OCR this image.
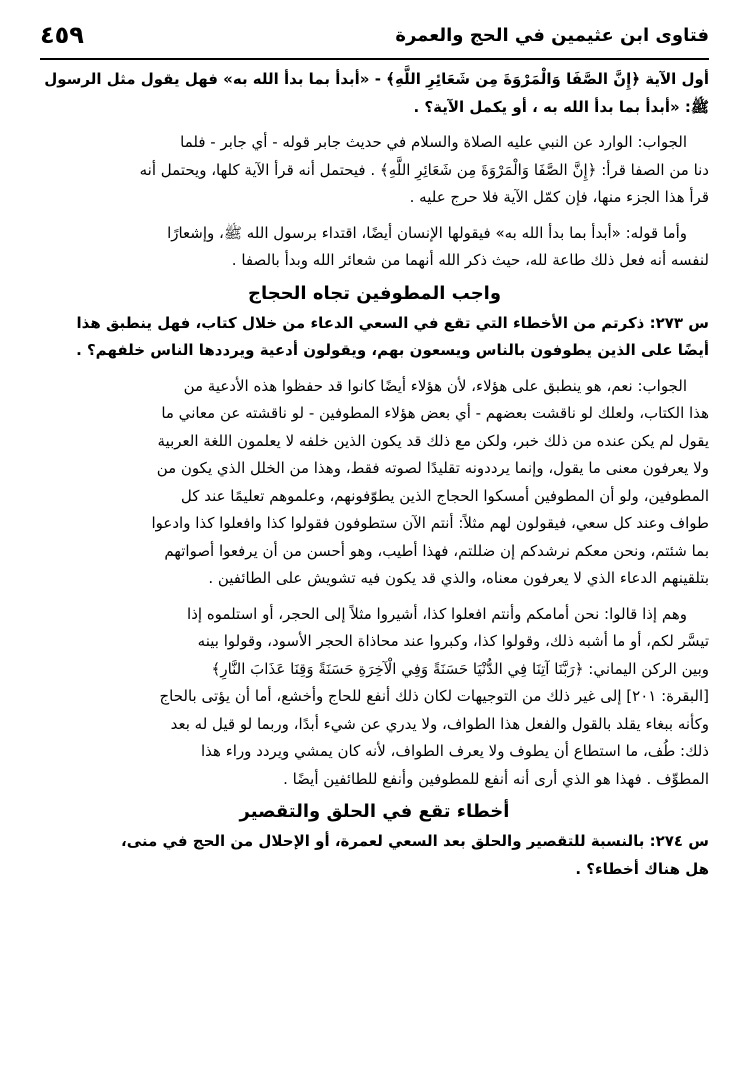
فتاوى ابن عثيمين في الحج والعمرة
٤٥٩

أول الآية ﴿إِنَّ الصَّفَا وَالْمَرْوَةَ مِن شَعَائِرِ اللَّهِ﴾ - «أبدأ بما بدأ الله به» فهل يقول مثل الرسول

ﷺ: «أبدأ بما بدأ الله به ، أو يكمل الآية؟ .

الجواب: الوارد عن النبي عليه الصلاة والسلام في حديث جابر قوله - أي جابر - فلما

دنا من الصفا قرأ: ﴿إِنَّ الصَّفَا وَالْمَرْوَةَ مِن شَعَائِرِ اللَّهِ﴾ . فيحتمل أنه قرأ الآية كلها، ويحتمل أنه

قرأ هذا الجزء منها، فإن كمّل الآية فلا حرج عليه .

وأما قوله: «أبدأ بما بدأ الله به» فيقولها الإنسان أيضًا، اقتداء برسول الله ﷺ، وإشعارًا

لنفسه أنه فعل ذلك طاعة لله، حيث ذكر الله أنهما من شعائر الله وبدأ بالصفا .

واجب المطوفين تجاه الحجاج

س ٢٧٣: ذكرتم من الأخطاء التي تقع في السعي الدعاء من خلال كتاب، فهل ينطبق هذا

أيضًا على الذين يطوفون بالناس ويسعون بهم، ويقولون أدعية ويرددها الناس خلفهم؟ .

الجواب: نعم، هو ينطبق على هؤلاء، لأن هؤلاء أيضًا كانوا قد حفظوا هذه الأدعية من

هذا الكتاب، ولعلك لو ناقشت بعضهم - أي بعض هؤلاء المطوفين - لو ناقشته عن معاني ما

يقول لم يكن عنده من ذلك خبر، ولكن مع ذلك قد يكون الذين خلفه لا يعلمون اللغة العربية

ولا يعرفون معنى ما يقول، وإنما يرددونه تقليدًا لصوته فقط، وهذا من الخلل الذي يكون من

المطوفين، ولو أن المطوفين أمسكوا الحجاج الذين يطوّفونهم، وعلموهم تعليمًا عند كل

طواف وعند كل سعي، فيقولون لهم مثلاً: أنتم الآن ستطوفون فقولوا كذا وافعلوا كذا وادعوا

بما شئتم، ونحن معكم نرشدكم إن ضللتم، فهذا أطيب، وهو أحسن من أن يرفعوا أصواتهم

بتلقينهم الدعاء الذي لا يعرفون معناه، والذي قد يكون فيه تشويش على الطائفين .

وهم إذا قالوا: نحن أمامكم وأنتم افعلوا كذا، أشيروا مثلاً إلى الحجر، أو استلموه إذا

تيسَّر لكم، أو ما أشبه ذلك، وقولوا كذا، وكبروا عند محاذاة الحجر الأسود، وقولوا بينه

وبين الركن اليماني: ﴿رَبَّنَا آتِنَا فِي الدُّنْيَا حَسَنَةً وَفِي الْآخِرَةِ حَسَنَةً وَقِنَا عَذَابَ النَّارِ﴾

[البقرة: ٢٠١] إلى غير ذلك من التوجيهات لكان ذلك أنفع للحاج وأخشع، أما أن يؤتى بالحاج

وكأنه ببغاء يقلد بالقول والفعل هذا الطواف، ولا يدري عن شيء أبدًا، وربما لو قيل له بعد

ذلك: طُف، ما استطاع أن يطوف ولا يعرف الطواف، لأنه كان يمشي ويردد وراء هذا

المطوِّف . فهذا هو الذي أرى أنه أنفع للمطوفين وأنفع للطائفين أيضًا .

أخطاء تقع في الحلق والتقصير

س ٢٧٤: بالنسبة للتقصير والحلق بعد السعي لعمرة، أو الإحلال من الحج في منى،

هل هناك أخطاء؟ .
